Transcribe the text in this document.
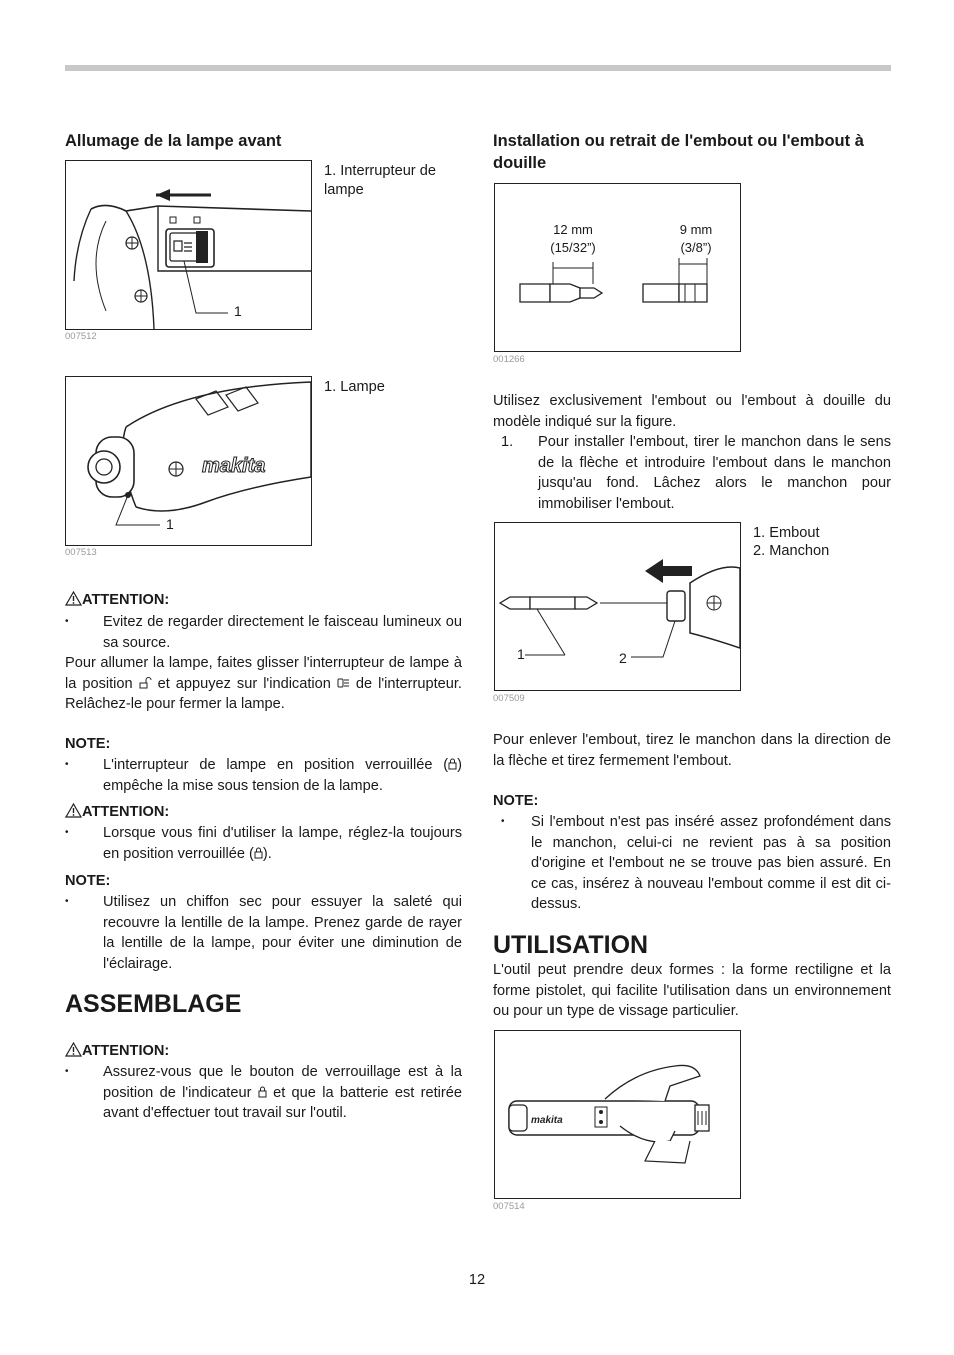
Allumage de la lampe avant
1
1. Interrupteur de lampe
007512
makita
1
1. Lampe
007513
ATTENTION:
• Evitez de regarder directement le faisceau lumineux ou sa source.
Pour allumer la lampe, faites glisser l'interrupteur de lampe à la position et appuyez sur l'indication de l'interrupteur. Relâchez-le pour fermer la lampe.
NOTE:
• L'interrupteur de lampe en position verrouillée ( ) empêche la mise sous tension de la lampe.
ATTENTION:
• Lorsque vous fini d'utiliser la lampe, réglez-la toujours en position verrouillée ( ).
NOTE:
• Utilisez un chiffon sec pour essuyer la saleté qui recouvre la lentille de la lampe. Prenez garde de rayer la lentille de la lampe, pour éviter une diminution de l'éclairage.
ASSEMBLAGE
ATTENTION:
• Assurez-vous que le bouton de verrouillage est à la position de l'indicateur et que la batterie est retirée avant d'effectuer tout travail sur l'outil.
Installation ou retrait de l'embout ou l'embout à douille
12 mm
(15/32”)
9 mm
(3/8”)
001266
Utilisez exclusivement l'embout ou l'embout à douille du modèle indiqué sur la figure.
1. Pour installer l'embout, tirer le manchon dans le sens de la flèche et introduire l'embout dans le manchon jusqu'au fond. Lâchez alors le manchon pour immobiliser l'embout.
1	2
1. Embout
2. Manchon
007509
Pour enlever l'embout, tirez le manchon dans la direction de la flèche et tirez fermement l'embout.
NOTE:
• Si l'embout n'est pas inséré assez profondément dans le manchon, celui-ci ne revient pas à sa position d'origine et l'embout ne se trouve pas bien assuré. En ce cas, insérez à nouveau l'embout comme il est dit ci-dessus.
UTILISATION
L'outil peut prendre deux formes : la forme rectiligne et la forme pistolet, qui facilite l'utilisation dans un environnement ou pour un type de vissage particulier.
makita
007514
12
